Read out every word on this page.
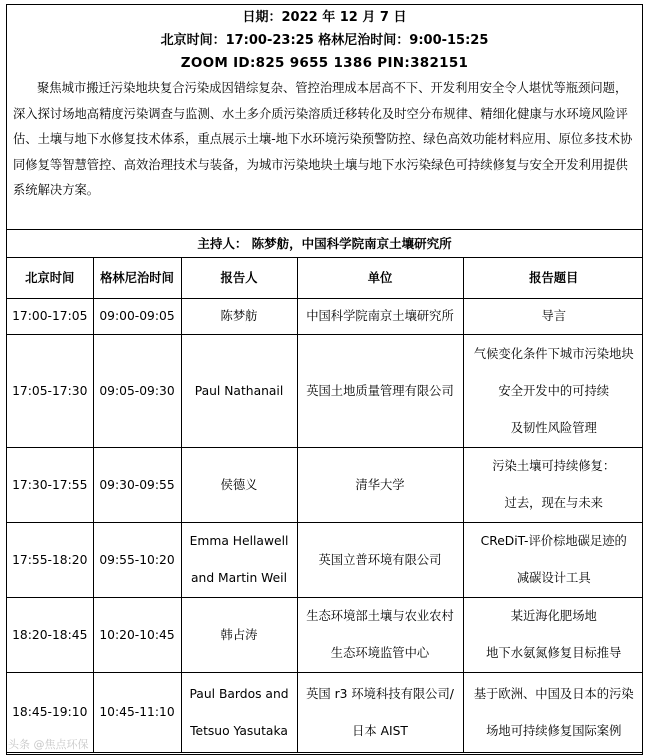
日期：2022 年 12 月 7 日
北京时间：17:00-23:25 格林尼治时间：9:00-15:25
ZOOM ID:825 9655 1386 PIN:382151
聚焦城市搬迁污染地块复合污染成因错综复杂、管控治理成本居高不下、开发利用安全令人堪忧等瓶颈问题，深入探讨场地高精度污染调查与监测、水土多介质污染溶质迁移转化及时空分布规律、精细化健康与水环境风险评估、土壤与地下水修复技术体系，重点展示土壤-地下水环境污染预警防控、绿色高效功能材料应用、原位多技术协同修复等智慧管控、高效治理技术与装备，为城市污染地块土壤与地下水污染绿色可持续修复与安全开发利用提供系统解决方案。
主持人： 陈梦舫，中国科学院南京土壤研究所
北京时间	格林尼治时间	报告人	单位	报告题目
17:00-17:05	09:00-09:05	陈梦舫	中国科学院南京土壤研究所	导言

17:05-17:30	09:05-09:30	Paul Nathanail	英国土地质量管理有限公司	气候变化条件下城市污染地块
安全开发中的可持续
及韧性风险管理

17:30-17:55	09:30-09:55	侯德义	清华大学	污染土壤可持续修复：
过去，现在与未来

17:55-18:20	09:55-10:20	Emma Hellawell
and Martin Weil	英国立普环境有限公司	CReDiT-评价棕地碳足迹的
减碳设计工具

18:20-18:45	10:20-10:45	韩占涛	生态环境部土壤与农业农村
生态环境监管中心	某近海化肥场地
地下水氨氮修复目标推导

18:45-19:10	10:45-11:10	Paul Bardos and
Tetsuo Yasutaka	英国 r3 环境科技有限公司/
日本 AIST	基于欧洲、中国及日本的污染
场地可持续修复国际案例
头条 @焦点环保
